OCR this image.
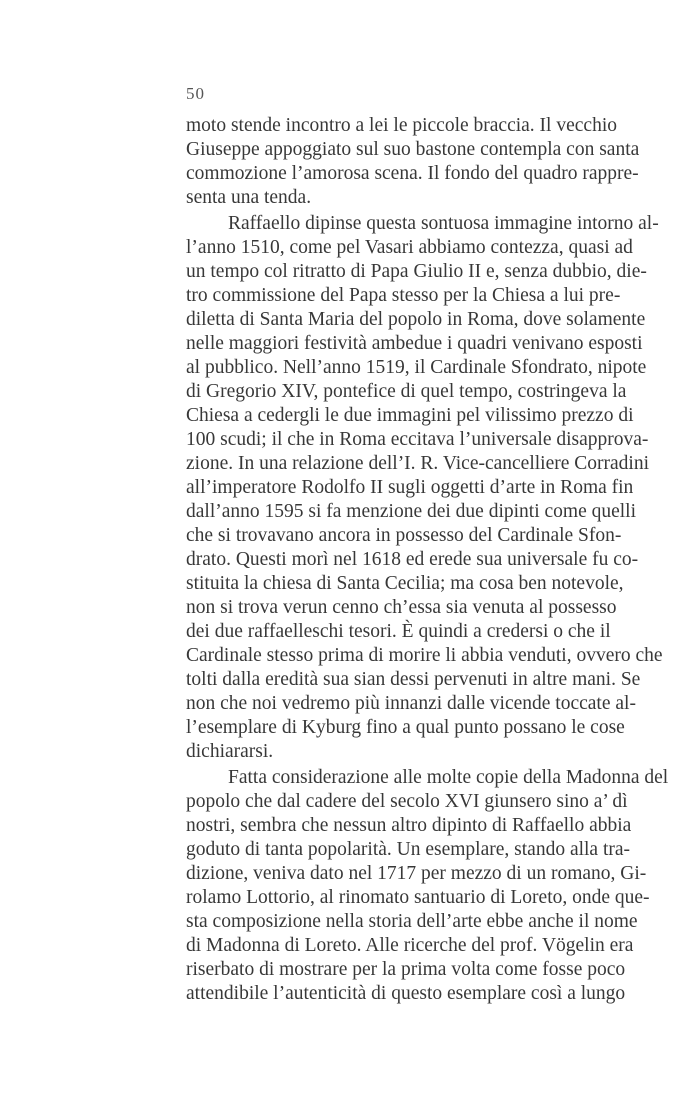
50
moto stende incontro a lei le piccole braccia. Il vecchio
Giuseppe appoggiato sul suo bastone contempla con santa
commozione l’amorosa scena. Il fondo del quadro rappre-
senta una tenda.
Raffaello dipinse questa sontuosa immagine intorno al-
l’anno 1510, come pel Vasari abbiamo contezza, quasi ad
un tempo col ritratto di Papa Giulio II e, senza dubbio, die-
tro commissione del Papa stesso per la Chiesa a lui pre-
diletta di Santa Maria del popolo in Roma, dove solamente
nelle maggiori festività ambedue i quadri venivano esposti
al pubblico. Nell’anno 1519, il Cardinale Sfondrato, nipote
di Gregorio XIV, pontefice di quel tempo, costringeva la
Chiesa a cedergli le due immagini pel vilissimo prezzo di
100 scudi; il che in Roma eccitava l’universale disapprova-
zione. In una relazione dell’I. R. Vice-cancelliere Corradini
all’imperatore Rodolfo II sugli oggetti d’arte in Roma fin
dall’anno 1595 si fa menzione dei due dipinti come quelli
che si trovavano ancora in possesso del Cardinale Sfon-
drato. Questi morì nel 1618 ed erede sua universale fu co-
stituita la chiesa di Santa Cecilia; ma cosa ben notevole,
non si trova verun cenno ch’essa sia venuta al possesso
dei due raffaelleschi tesori. È quindi a credersi o che il
Cardinale stesso prima di morire li abbia venduti, ovvero che
tolti dalla eredità sua sian dessi pervenuti in altre mani. Se
non che noi vedremo più innanzi dalle vicende toccate al-
l’esemplare di Kyburg fino a qual punto possano le cose
dichiararsi.
Fatta considerazione alle molte copie della Madonna del
popolo che dal cadere del secolo XVI giunsero sino a’ dì
nostri, sembra che nessun altro dipinto di Raffaello abbia
goduto di tanta popolarità. Un esemplare, stando alla tra-
dizione, veniva dato nel 1717 per mezzo di un romano, Gi-
rolamo Lottorio, al rinomato santuario di Loreto, onde que-
sta composizione nella storia dell’arte ebbe anche il nome
di Madonna di Loreto. Alle ricerche del prof. Vögelin era
riserbato di mostrare per la prima volta come fosse poco
attendibile l’autenticità di questo esemplare così a lungo
